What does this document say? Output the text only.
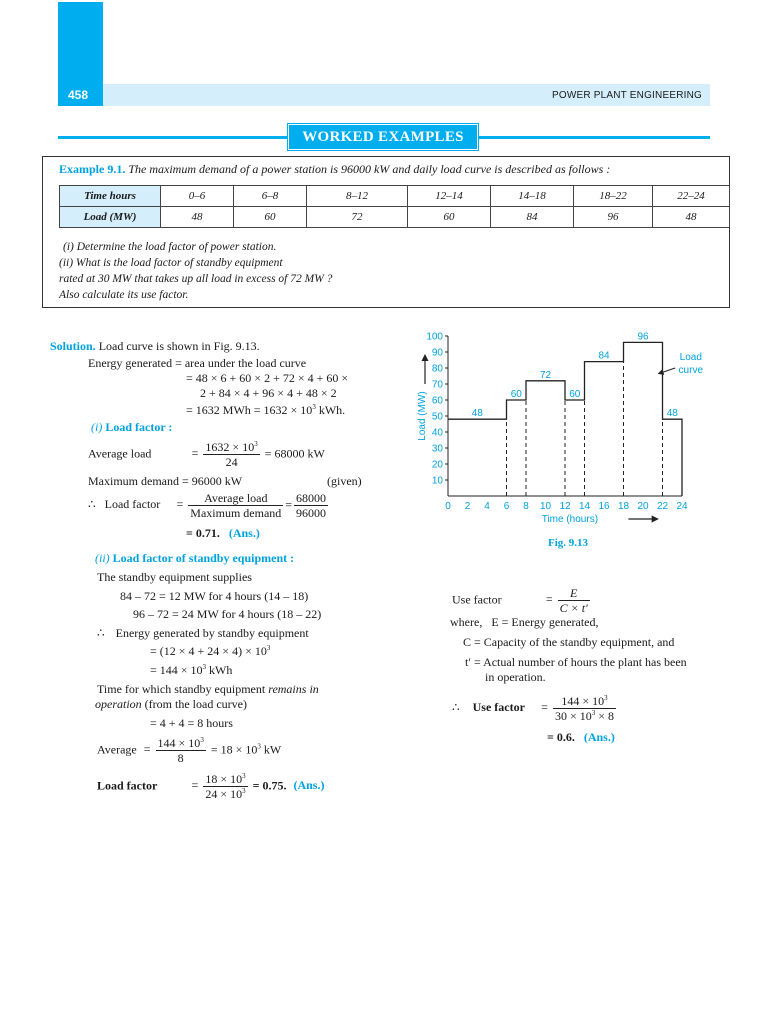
458	POWER PLANT ENGINEERING
WORKED EXAMPLES
Example 9.1. The maximum demand of a power station is 96000 kW and daily load curve is described as follows :
Time hours	0–6	6–8	8–12	12–14	14–18	18–22	22–24
Load (MW)	48	60	72	60	84	96	48
(i) Determine the load factor of power station.
(ii) What is the load factor of standby equipment
rated at 30 MW that takes up all load in excess of 72 MW ?
Also calculate its use factor.
Solution. Load curve is shown in Fig. 9.13.
Energy generated = area under the load curve
= 48 × 6 + 60 × 2 + 72 × 4 + 60 ×
2 + 84 × 4 + 96 × 4 + 48 × 2
= 1632 MWh = $1632 \times 10^3$ kWh.
(i) Load factor :
Average load	= $\frac{1632 \times 10^3}{24} = 68000$ kW
Maximum demand = 96000 kW	(given)
∴ Load factor = $\frac{\text{Average load}}{\text{Maximum demand}} = \frac{68000}{96000}$
= 0.71. (Ans.)
(ii) Load factor of standby equipment :
The standby equipment supplies
84 – 72 = 12 MW for 4 hours (14 – 18)
96 – 72 = 24 MW for 4 hours (18 – 22)
∴ Energy generated by standby equipment
= $(12 \times 4 + 24 \times 4) \times 10^3$
= $144 \times 10^3$ kWh
Time for which standby equipment remains in
operation (from the load curve)
= 4 + 4 = 8 hours
Average = $\frac{144 \times 10^3}{8} = 18 \times 10^3$ kW
Load factor	= $\frac{18 \times 10^3}{24 \times 10^3} = 0.75$. (Ans.)
10
20
30
40
50
60
70
80
90
100
0 2 4 6 8 10 12 14 16 18 20 22 24
Load (MW)
Time (hours)
48
60
72
60
84
96
48
Load
curve
Fig. 9.13
Use factor	= $\frac{E}{C \times t'}$
where, E = Energy generated,
C = Capacity of the standby equipment, and
t′ = Actual number of hours the plant has been
in operation.
∴ Use factor = $\frac{144 \times 10^3}{30 \times 10^3 \times 8}$
= 0.6. (Ans.)
